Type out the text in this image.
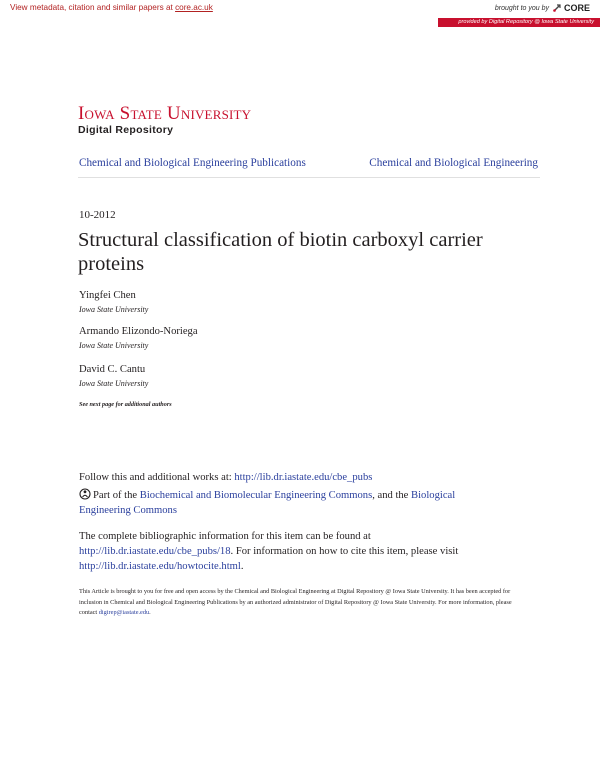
View metadata, citation and similar papers at core.ac.uk	brought to you by CORE
provided by Digital Repository @ Iowa State University
Iowa State University
Digital Repository
Chemical and Biological Engineering Publications	Chemical and Biological Engineering
10-2012
Structural classification of biotin carboxyl carrier proteins
Yingfei Chen
Iowa State University
Armando Elizondo-Noriega
Iowa State University
David C. Cantu
Iowa State University
See next page for additional authors
Follow this and additional works at: http://lib.dr.iastate.edu/cbe_pubs
Part of the Biochemical and Biomolecular Engineering Commons, and the Biological Engineering Commons
The complete bibliographic information for this item can be found at http://lib.dr.iastate.edu/cbe_pubs/18. For information on how to cite this item, please visit http://lib.dr.iastate.edu/howtocite.html.
This Article is brought to you for free and open access by the Chemical and Biological Engineering at Digital Repository @ Iowa State University. It has been accepted for inclusion in Chemical and Biological Engineering Publications by an authorized administrator of Digital Repository @ Iowa State University. For more information, please contact digirep@iastate.edu.
